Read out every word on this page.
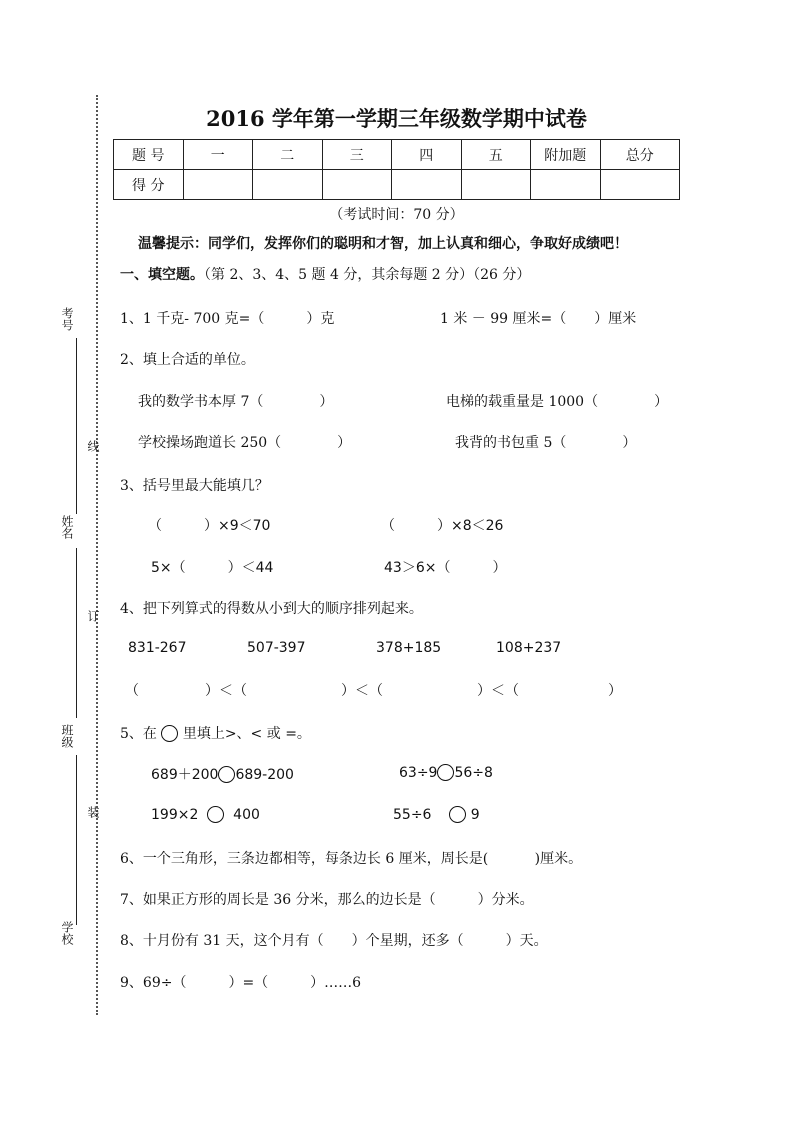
考号
线
姓名
订
班级
装
学校
2016 学年第一学期三年级数学期中试卷
题 号	一	二	三	四	五	附加题	总分
得 分							
（考试时间：70 分）
温馨提示：同学们，发挥你们的聪明和才智，加上认真和细心，争取好成绩吧！
一、填空题。（第 2、3、4、5 题 4 分，其余每题 2 分）（26 分）
1、1 千克- 700 克=（　　　）克	1 米 － 99 厘米=（　　）厘米
2、填上合适的单位。
我的数学书本厚 7（　　　　）	电梯的载重量是 1000（　　　　）
学校操场跑道长 250（　　　　）	我背的书包重 5（　　　　）
3、括号里最大能填几？
（　　　）×9＜70	（　　　）×8＜26
5×（　　　）＜44	43＞6×（　　　）
4、把下列算式的得数从小到大的顺序排列起来。
831-267	507-397	378+185	108+237
（	）＜（	）＜（	）＜（	）
5、在 里填上>、< 或 =。
689＋200 689-200	63÷9 56÷8
199×2 400	55÷6	9
6、一个三角形，三条边都相等，每条边长 6 厘米，周长是(　　　 )厘米。
7、如果正方形的周长是 36 分米，那么的边长是（　　　）分米。
8、十月份有 31 天，这个月有（　　）个星期，还多（　　　）天。
9、69÷（　　　）=（　　　）……6
